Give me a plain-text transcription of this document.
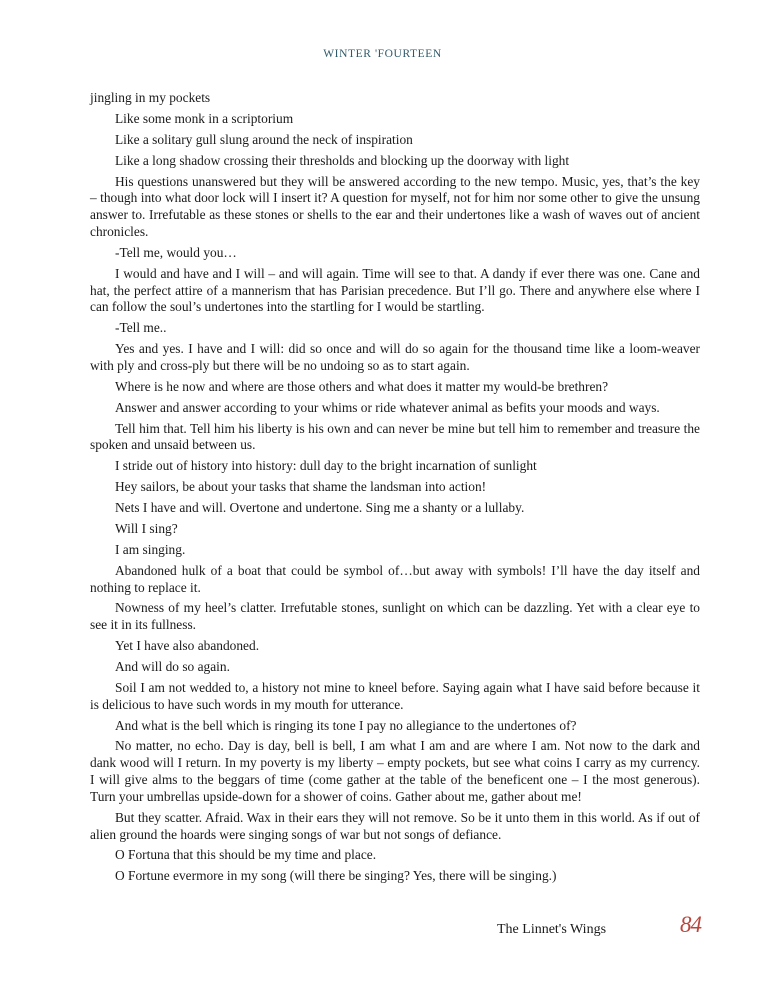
WINTER 'FOURTEEN

jingling in my pockets

Like some monk in a scriptorium

Like a solitary gull slung around the neck of inspiration

Like a long shadow crossing their thresholds and blocking up the doorway with light

His questions unanswered but they will be answered according to the new tempo. Music, yes, that’s the key – though into what door lock will I insert it? A question for myself, not for him nor some other to give the unsung answer to. Irrefutable as these stones or shells to the ear and their undertones like a wash of waves out of ancient chronicles.

-Tell me, would you…

I would and have and I will – and will again. Time will see to that. A dandy if ever there was one. Cane and hat, the perfect attire of a mannerism that has Parisian precedence. But I’ll go. There and anywhere else where I can follow the soul’s undertones into the startling for I would be startling.

-Tell me..

Yes and yes. I have and I will: did so once and will do so again for the thousand time like a loom-weaver with ply and cross-ply but there will be no undoing so as to start again.

Where is he now and where are those others and what does it matter my would-be brethren?

Answer and answer according to your whims or ride whatever animal as befits your moods and ways.

Tell him that. Tell him his liberty is his own and can never be mine but tell him to remember and treasure the spoken and unsaid between us.

I stride out of history into history: dull day to the bright incarnation of sunlight

Hey sailors, be about your tasks that shame the landsman into action!

Nets I have and will. Overtone and undertone. Sing me a shanty or a lullaby.

Will I sing?

I am singing.

Abandoned hulk of a boat that could be symbol of…but away with symbols! I’ll have the day itself and nothing to replace it.

Nowness of my heel’s clatter. Irrefutable stones, sunlight on which can be dazzling. Yet with a clear eye to see it in its fullness.

Yet I have also abandoned.

And will do so again.

Soil I am not wedded to, a history not mine to kneel before. Saying again what I have said before because it is delicious to have such words in my mouth for utterance.

And what is the bell which is ringing its tone I pay no allegiance to the undertones of?

No matter, no echo. Day is day, bell is bell, I am what I am and are where I am. Not now to the dark and dank wood will I return. In my poverty is my liberty – empty pockets, but see what coins I carry as my currency. I will give alms to the beggars of time (come gather at the table of the beneficent one – I the most generous). Turn your umbrellas upside-down for a shower of coins. Gather about me, gather about me!

But they scatter. Afraid. Wax in their ears they will not remove. So be it unto them in this world. As if out of alien ground the hoards were singing songs of war but not songs of defiance.

O Fortuna that this should be my time and place.

O Fortune evermore in my song (will there be singing? Yes, there will be singing.)

The Linnet's Wings	84
